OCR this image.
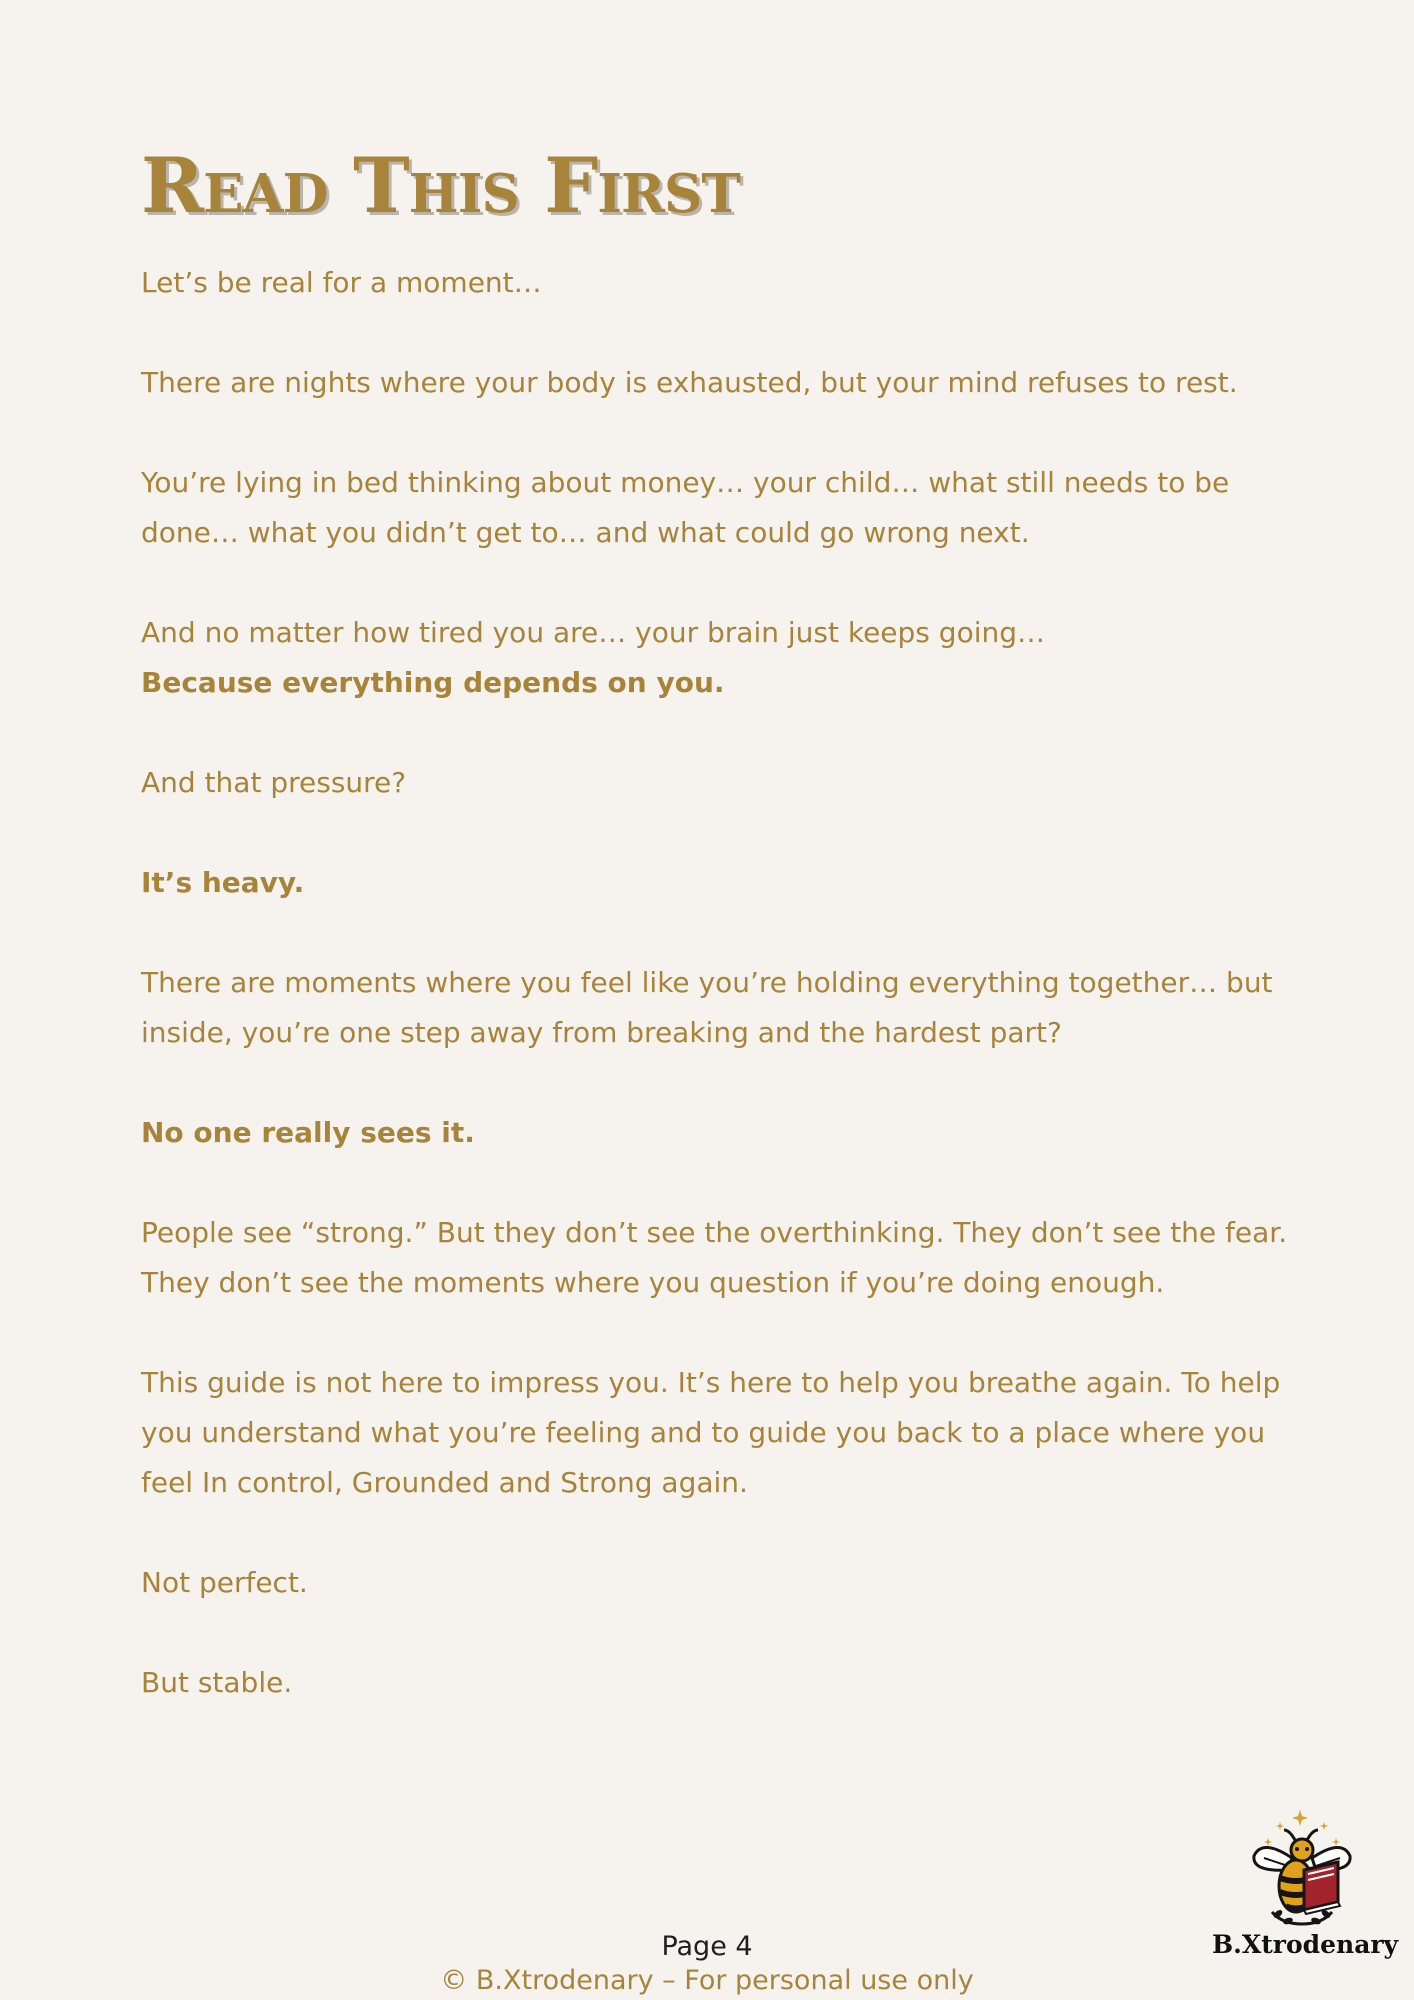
Read This First

Let’s be real for a moment…

There are nights where your body is exhausted, but your mind refuses to rest.

You’re lying in bed thinking about money… your child… what still needs to be done… what you didn’t get to… and what could go wrong next.

And no matter how tired you are… your brain just keeps going…

Because everything depends on you.

And that pressure?

It’s heavy.

There are moments where you feel like you’re holding everything together… but inside, you’re one step away from breaking and the hardest part?

No one really sees it.

People see “strong.” But they don’t see the overthinking. They don’t see the fear. They don’t see the moments where you question if you’re doing enough.

This guide is not here to impress you. It’s here to help you breathe again. To help you understand what you’re feeling and to guide you back to a place where you feel In control, Grounded and Strong again.

Not perfect.

But stable.

B.Xtrodenary
Page 4
© B.Xtrodenary – For personal use only
